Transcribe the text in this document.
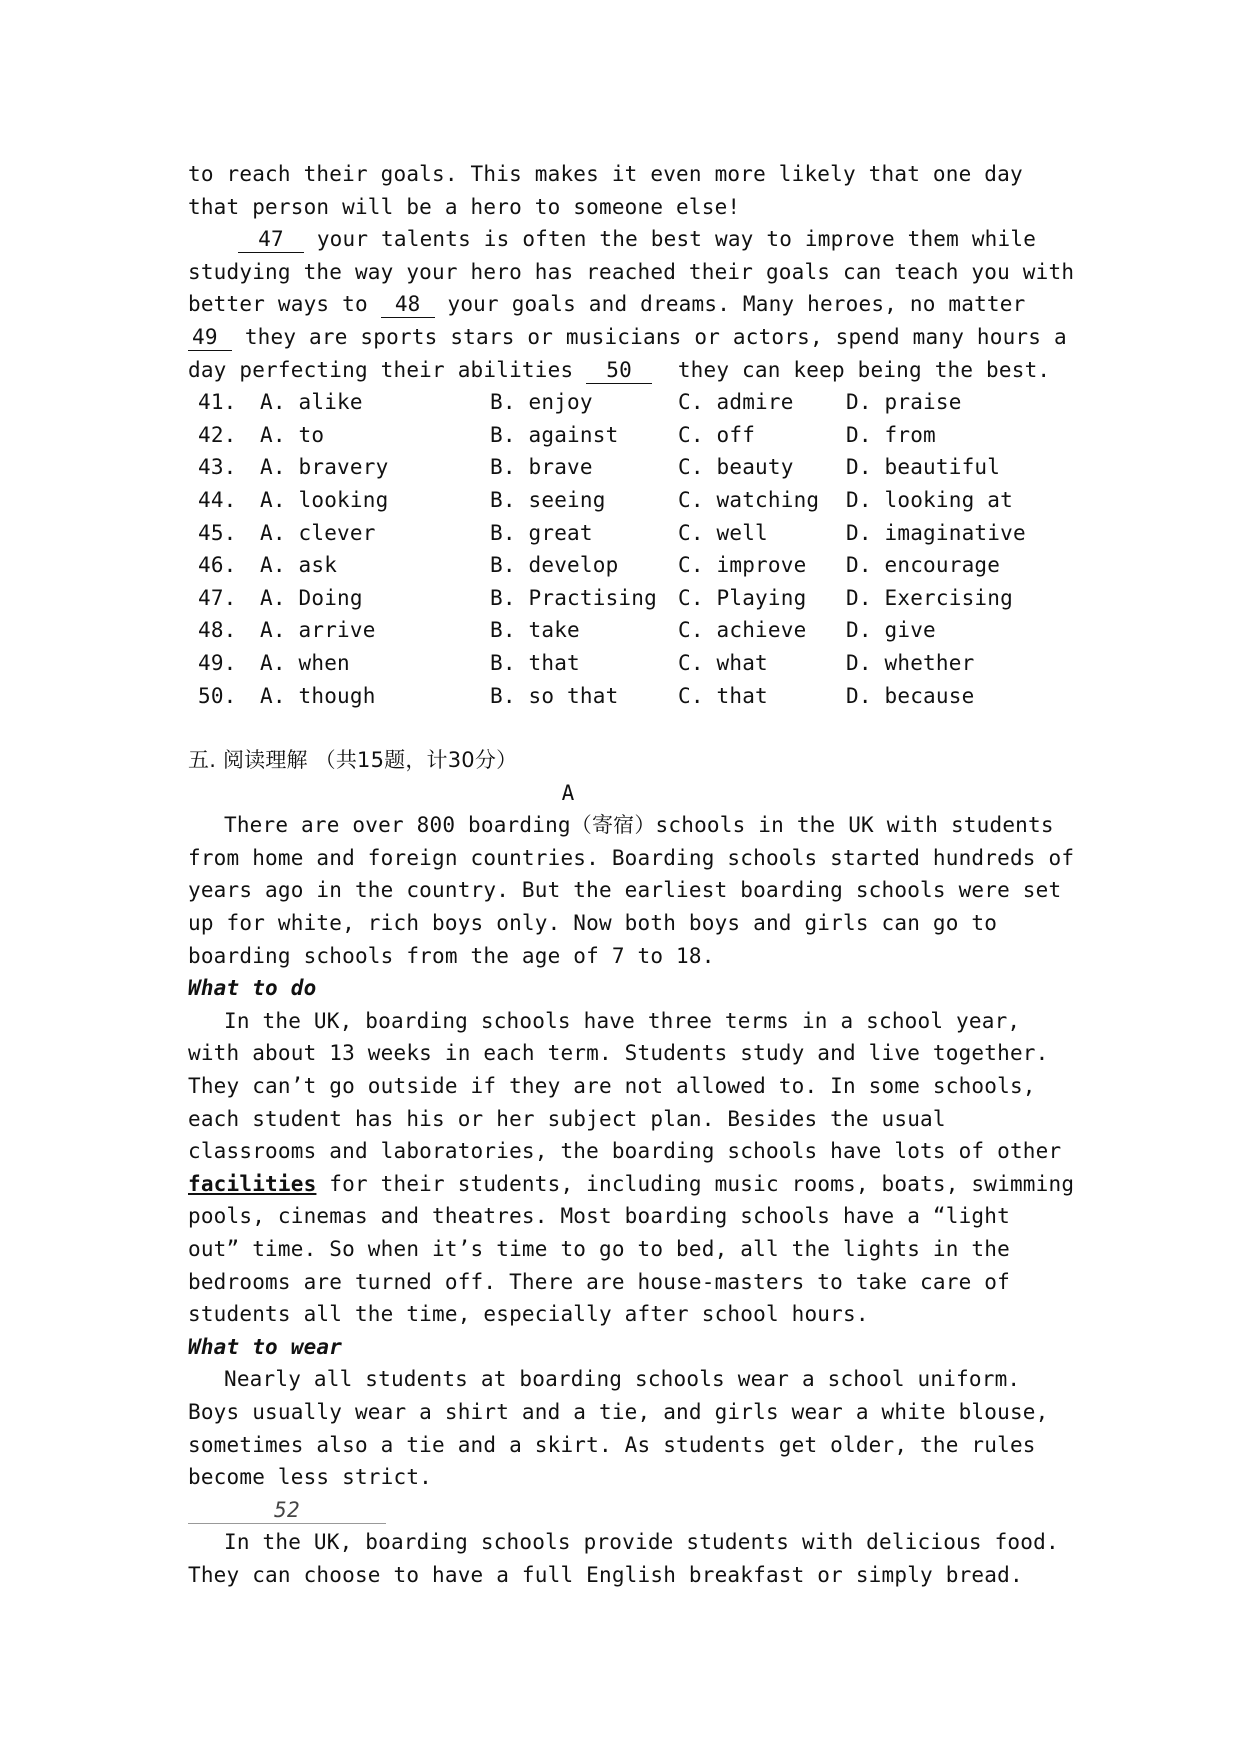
to reach their goals. This makes it even more likely that one day
that person will be a hero to someone else!
47 your talents is often the best way to improve them while
studying the way your hero has reached their goals can teach you with
better ways to 48 your goals and dreams. Many heroes, no matter
49 they are sports stars or musicians or actors, spend many hours a
day perfecting their abilities 50  they can keep being the best.
41.	A. alike	B. enjoy	C. admire	D. praise
42.	A. to	B. against	C. off	D. from
43.	A. bravery	B. brave	C. beauty	D. beautiful
44.	A. looking	B. seeing	C. watching	D. looking at
45.	A. clever	B. great	C. well	D. imaginative
46.	A. ask	B. develop	C. improve	D. encourage
47.	A. Doing	B. Practising	C. Playing	D. Exercising
48.	A. arrive	B. take	C. achieve	D. give
49.	A. when	B. that	C. what	D. whether
50.	A. though	B. so that	C. that	D. because
五. 阅读理解 （共15题，计30分）
A
There are over 800 boarding（寄宿）schools in the UK with students
from home and foreign countries. Boarding schools started hundreds of
years ago in the country. But the earliest boarding schools were set
up for white, rich boys only. Now both boys and girls can go to
boarding schools from the age of 7 to 18.
What to do
In the UK, boarding schools have three terms in a school year,
with about 13 weeks in each term. Students study and live together.
They can’t go outside if they are not allowed to. In some schools,
each student has his or her subject plan. Besides the usual
classrooms and laboratories, the boarding schools have lots of other
facilities for their students, including music rooms, boats, swimming
pools, cinemas and theatres. Most boarding schools have a “light
out” time. So when it’s time to go to bed, all the lights in the
bedrooms are turned off. There are house-masters to take care of
students all the time, especially after school hours.
What to wear
Nearly all students at boarding schools wear a school uniform.
Boys usually wear a shirt and a tie, and girls wear a white blouse,
sometimes also a tie and a skirt. As students get older, the rules
become less strict.
52
In the UK, boarding schools provide students with delicious food.
They can choose to have a full English breakfast or simply bread.
